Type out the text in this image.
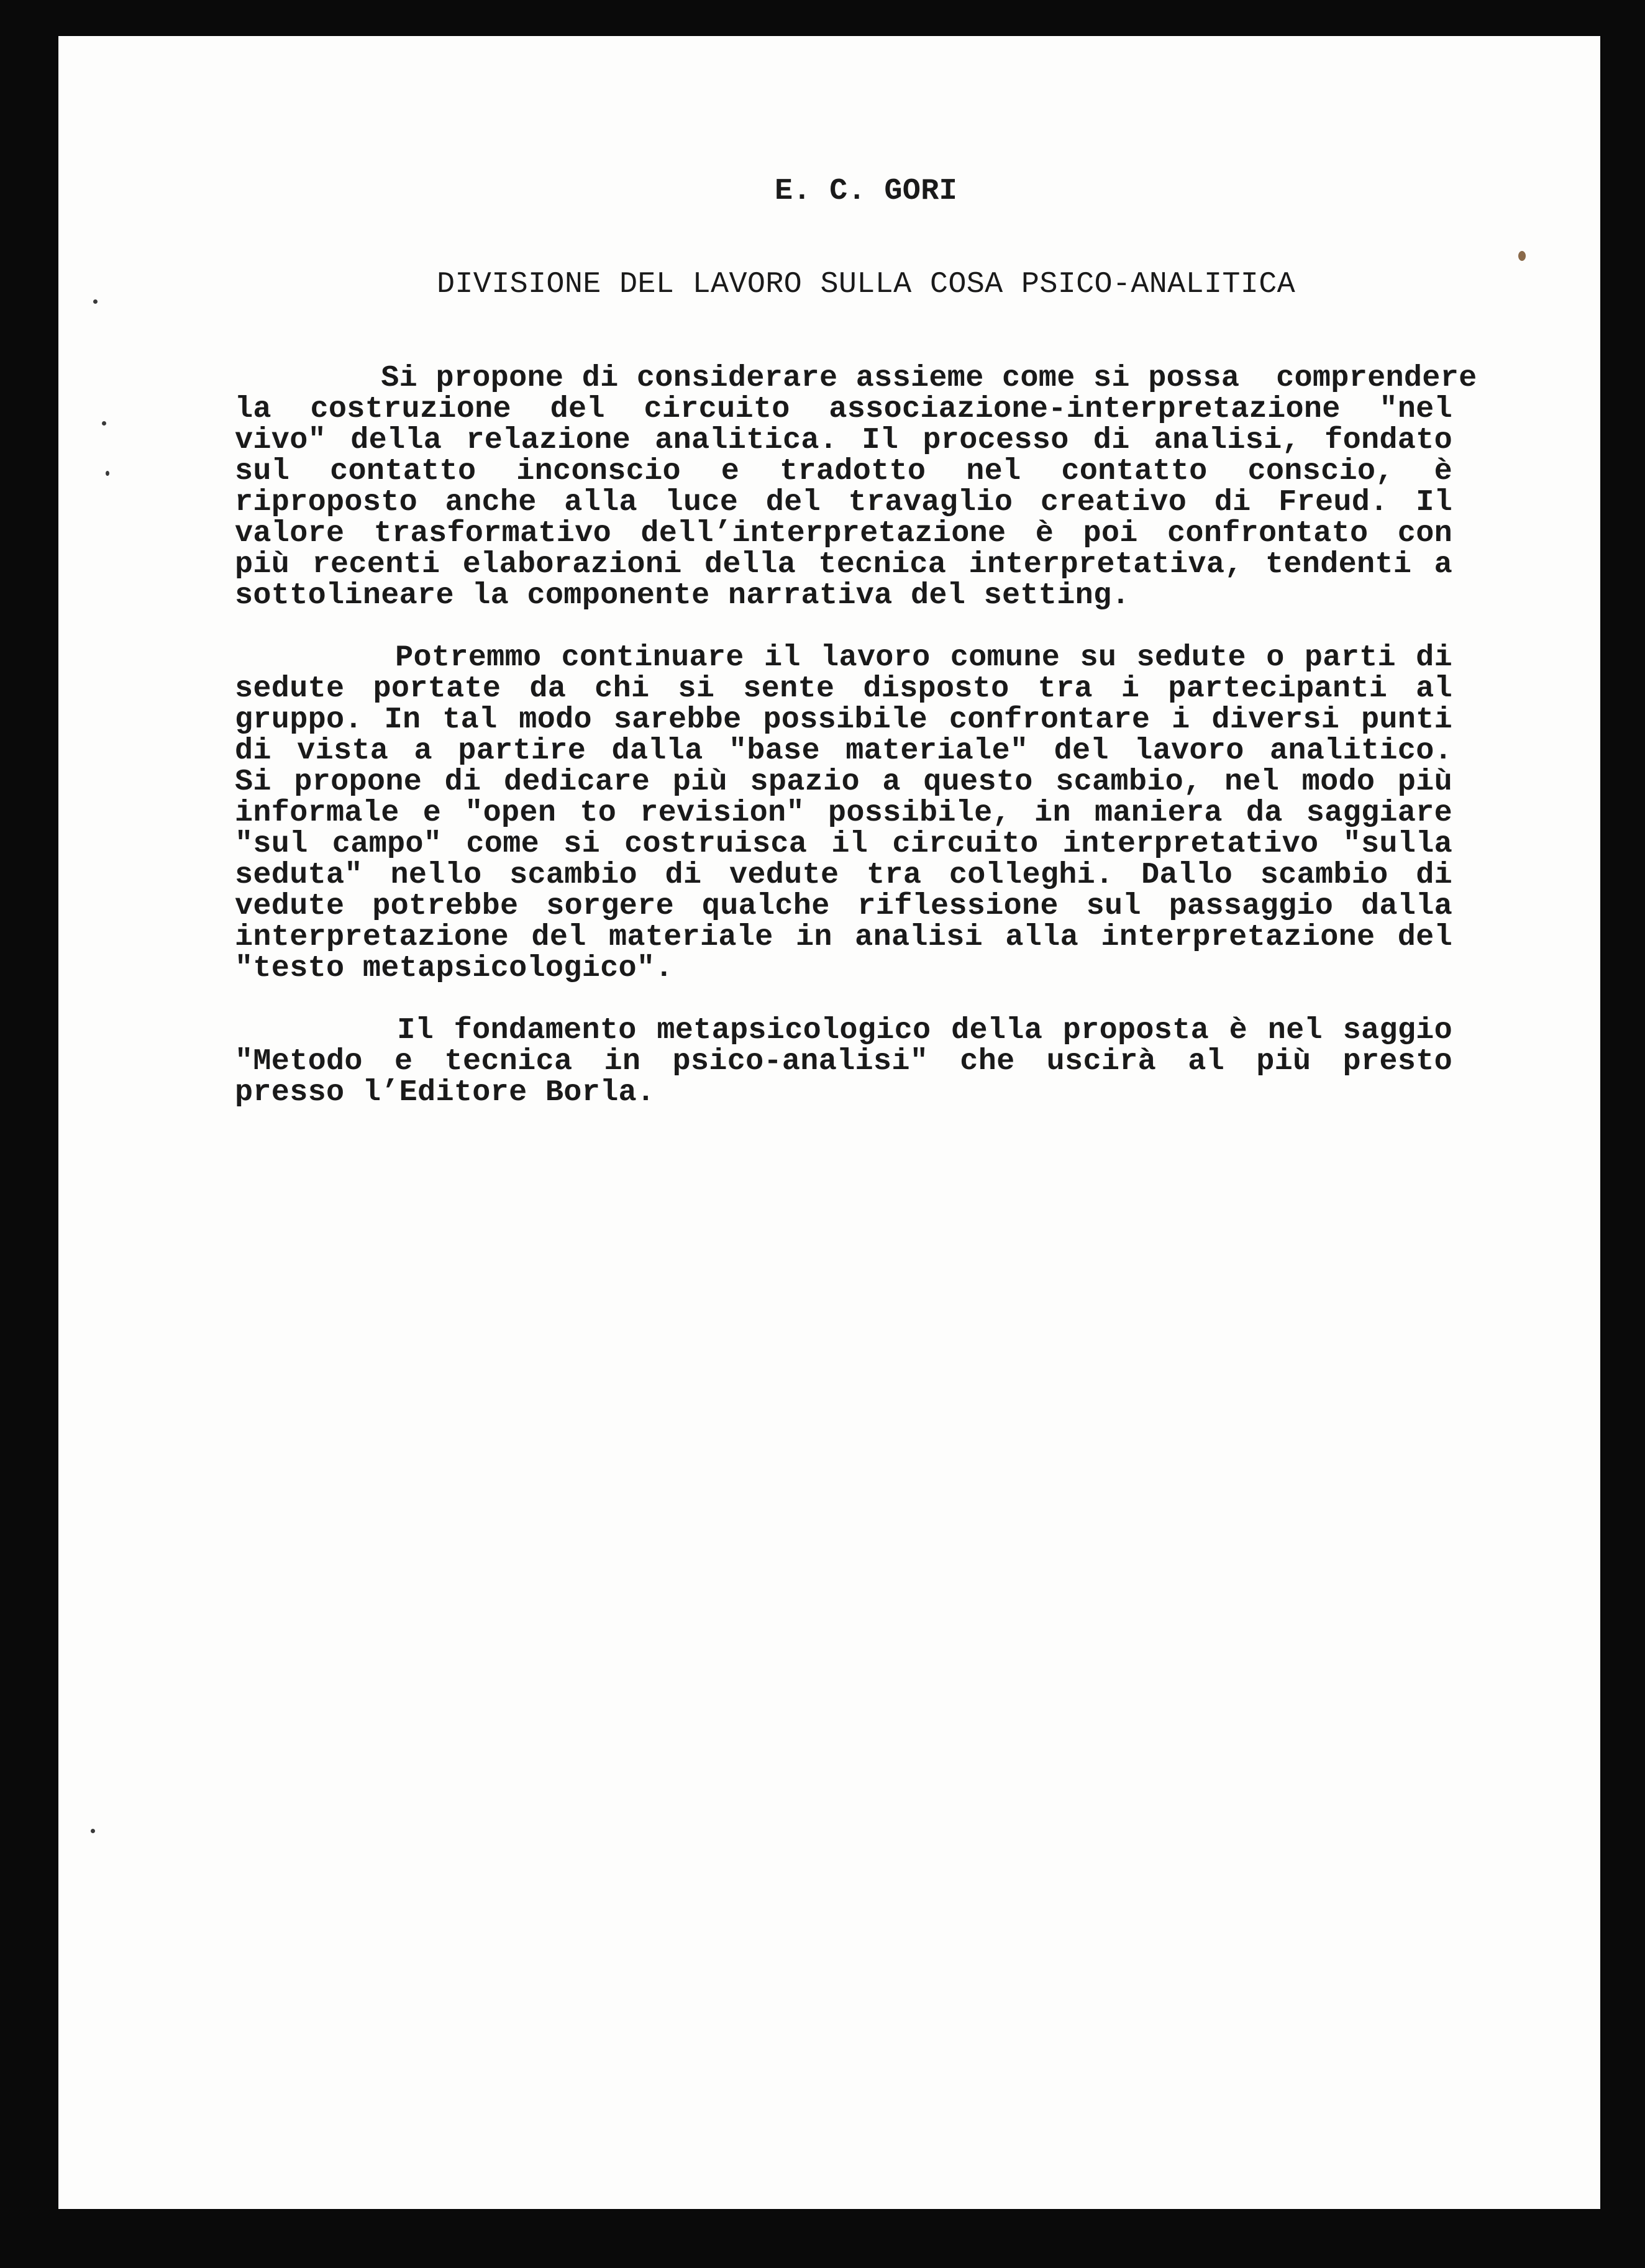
E. C. GORI
DIVISIONE DEL LAVORO SULLA COSA PSICO-ANALITICA
Si propone di considerare assieme come si possa  comprendere
la costruzione del circuito associazione-interpretazione "nel
vivo" della relazione analitica. Il processo di analisi, fondato
sul contatto inconscio e tradotto nel contatto conscio, è
riproposto anche alla luce del travaglio creativo di Freud. Il
valore trasformativo dell’interpretazione è poi confrontato con
più recenti elaborazioni della tecnica interpretativa, tendenti a
sottolineare la componente narrativa del setting.
Potremmo continuare il lavoro comune su sedute o parti di
sedute portate da chi si sente disposto tra i partecipanti al
gruppo. In tal modo sarebbe possibile confrontare i diversi punti
di vista a partire dalla "base materiale" del lavoro analitico.
Si propone di dedicare più spazio a questo scambio, nel modo più
informale e "open to revision" possibile, in maniera da saggiare
"sul campo" come si costruisca il circuito interpretativo "sulla
seduta" nello scambio di vedute tra colleghi. Dallo scambio di
vedute potrebbe sorgere qualche riflessione sul passaggio dalla
interpretazione del materiale in analisi alla interpretazione del
"testo metapsicologico".
Il fondamento metapsicologico della proposta è nel saggio
"Metodo e tecnica in psico-analisi" che uscirà al più presto
presso l’Editore Borla.
